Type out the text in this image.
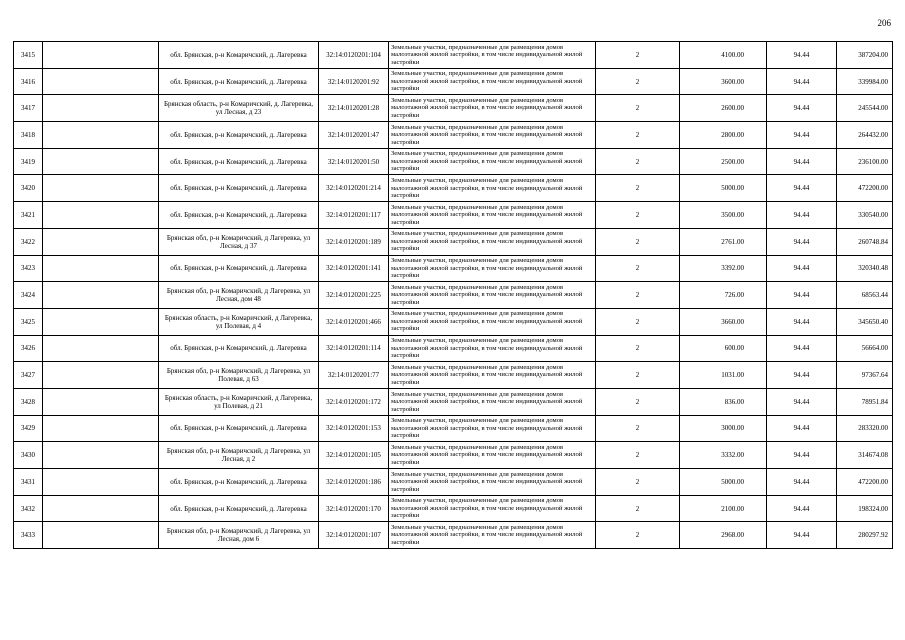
206
3415		обл. Брянская, р-н Комаричский, д. Лагеревка	32:14:0120201:104	Земельные участки, предназначенные для размещения домов малоэтажной жилой застройки, в том числе индивидуальной жилой застройки	2	4100.00	94.44	387204.00
3416		обл. Брянская, р-н Комаричский, д. Лагеревка	32:14:0120201:92	Земельные участки, предназначенные для размещения домов малоэтажной жилой застройки, в том числе индивидуальной жилой застройки	2	3600.00	94.44	339984.00
3417		Брянская область, р-н Комаричский, д. Лагеревка, ул Лесная, д 23	32:14:0120201:28	Земельные участки, предназначенные для размещения домов малоэтажной жилой застройки, в том числе индивидуальной жилой застройки	2	2600.00	94.44	245544.00
3418		обл. Брянская, р-н Комаричский, д. Лагеревка	32:14:0120201:47	Земельные участки, предназначенные для размещения домов малоэтажной жилой застройки, в том числе индивидуальной жилой застройки	2	2800.00	94.44	264432.00
3419		обл. Брянская, р-н Комаричский, д. Лагеревка	32:14:0120201:50	Земельные участки, предназначенные для размещения домов малоэтажной жилой застройки, в том числе индивидуальной жилой застройки	2	2500.00	94.44	236100.00
3420		обл. Брянская, р-н Комаричский, д. Лагеревка	32:14:0120201:214	Земельные участки, предназначенные для размещения домов малоэтажной жилой застройки, в том числе индивидуальной жилой застройки	2	5000.00	94.44	472200.00
3421		обл. Брянская, р-н Комаричский, д. Лагеревка	32:14:0120201:117	Земельные участки, предназначенные для размещения домов малоэтажной жилой застройки, в том числе индивидуальной жилой застройки	2	3500.00	94.44	330540.00
3422		Брянская обл, р-н Комаричский, д Лагеревка, ул Лесная, д 37	32:14:0120201:189	Земельные участки, предназначенные для размещения домов малоэтажной жилой застройки, в том числе индивидуальной жилой застройки	2	2761.00	94.44	260748.84
3423		обл. Брянская, р-н Комаричский, д. Лагеревка	32:14:0120201:141	Земельные участки, предназначенные для размещения домов малоэтажной жилой застройки, в том числе индивидуальной жилой застройки	2	3392.00	94.44	320340.48
3424		Брянская обл, р-н Комаричский, д Лагеревка, ул Лесная, дом 48	32:14:0120201:225	Земельные участки, предназначенные для размещения домов малоэтажной жилой застройки, в том числе индивидуальной жилой застройки	2	726.00	94.44	68563.44
3425		Брянская область, р-н Комаричский, д Лагеревка, ул Полевая, д 4	32:14:0120201:466	Земельные участки, предназначенные для размещения домов малоэтажной жилой застройки, в том числе индивидуальной жилой застройки	2	3660.00	94.44	345650.40
3426		обл. Брянская, р-н Комаричский, д. Лагеревка	32:14:0120201:114	Земельные участки, предназначенные для размещения домов малоэтажной жилой застройки, в том числе индивидуальной жилой застройки	2	600.00	94.44	56664.00
3427		Брянская обл, р-н Комаричский, д Лагеревка, ул Полевая, д 63	32:14:0120201:77	Земельные участки, предназначенные для размещения домов малоэтажной жилой застройки, в том числе индивидуальной жилой застройки	2	1031.00	94.44	97367.64
3428		Брянская область, р-н Комаричский, д Лагеревка, ул Полевая, д 21	32:14:0120201:172	Земельные участки, предназначенные для размещения домов малоэтажной жилой застройки, в том числе индивидуальной жилой застройки	2	836.00	94.44	78951.84
3429		обл. Брянская, р-н Комаричский, д. Лагеревка	32:14:0120201:153	Земельные участки, предназначенные для размещения домов малоэтажной жилой застройки, в том числе индивидуальной жилой застройки	2	3000.00	94.44	283320.00
3430		Брянская обл, р-н Комаричский, д Лагеревка, ул Лесная, д 2	32:14:0120201:105	Земельные участки, предназначенные для размещения домов малоэтажной жилой застройки, в том числе индивидуальной жилой застройки	2	3332.00	94.44	314674.08
3431		обл. Брянская, р-н Комаричский, д. Лагеревка	32:14:0120201:186	Земельные участки, предназначенные для размещения домов малоэтажной жилой застройки, в том числе индивидуальной жилой застройки	2	5000.00	94.44	472200.00
3432		обл. Брянская, р-н Комаричский, д. Лагеревка	32:14:0120201:170	Земельные участки, предназначенные для размещения домов малоэтажной жилой застройки, в том числе индивидуальной жилой застройки	2	2100.00	94.44	198324.00
3433		Брянская обл, р-н Комаричский, д Лагеревка, ул Лесная, дом 6	32:14:0120201:107	Земельные участки, предназначенные для размещения домов малоэтажной жилой застройки, в том числе индивидуальной жилой застройки	2	2968.00	94.44	280297.92
